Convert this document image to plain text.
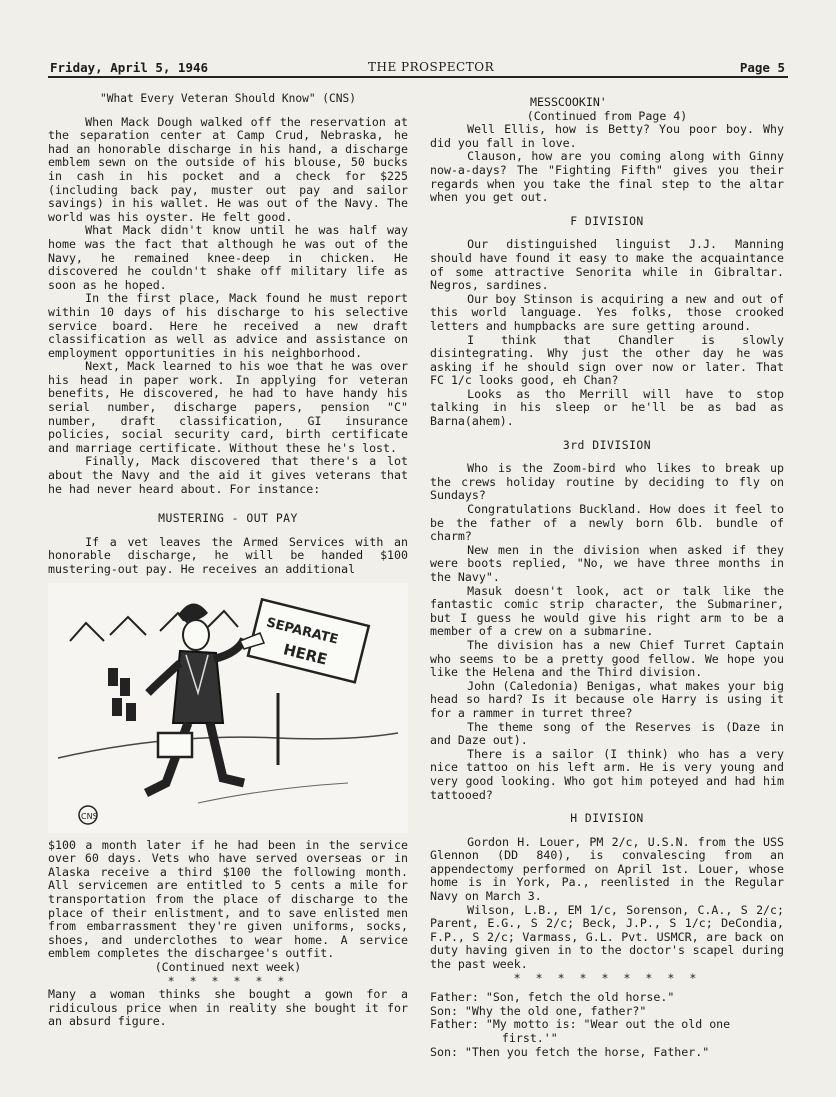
Friday, April 5, 1946	THE PROSPECTOR	Page 5
"What Every Veteran Should Know" (CNS)

When Mack Dough walked off the reservation at the separation center at Camp Crud, Nebraska, he had an honorable discharge in his hand, a discharge emblem sewn on the outside of his blouse, 50 bucks in cash in his pocket and a check for $225 (including back pay, muster out pay and sailor savings) in his wallet. He was out of the Navy. The world was his oyster. He felt good.

What Mack didn't know until he was half way home was the fact that although he was out of the Navy, he remained knee-deep in chicken. He discovered he couldn't shake off military life as soon as he hoped.

In the first place, Mack found he must report within 10 days of his discharge to his selective service board. Here he received a new draft classification as well as advice and assistance on employment opportunities in his neighborhood.

Next, Mack learned to his woe that he was over his head in paper work. In applying for veteran benefits, He discovered, he had to have handy his serial number, discharge papers, pension "C" number, draft classification, GI insurance policies, social security card, birth certificate and marriage certificate. Without these he's lost.

Finally, Mack discovered that there's a lot about the Navy and the aid it gives veterans that he had never heard about. For instance:

MUSTERING - OUT PAY

If a vet leaves the Armed Services with an honorable discharge, he will be handed $100 mustering-out pay. He receives an additional

SEPARATE
HERE
CNS

$100 a month later if he had been in the service over 60 days. Vets who have served overseas or in Alaska receive a third $100 the following month. All servicemen are entitled to 5 cents a mile for transportation from the place of discharge to the place of their enlistment, and to save enlisted men from embarrassment they're given uniforms, socks, shoes, and underclothes to wear home. A service emblem completes the dischargee's outfit.

(Continued next week)
* * * * * *

Many a woman thinks she bought a gown for a ridiculous price when in reality she bought it for an absurd figure.

MESSCOOKIN'
(Continued from Page 4)

Well Ellis, how is Betty? You poor boy. Why did you fall in love.

Clauson, how are you coming along with Ginny now-a-days? The "Fighting Fifth" gives you their regards when you take the final step to the altar when you get out.

F DIVISION

Our distinguished linguist J.J. Manning should have found it easy to make the acquaintance of some attractive Senorita while in Gibraltar. Negros, sardines.

Our boy Stinson is acquiring a new and out of this world language. Yes folks, those crooked letters and humpbacks are sure getting around.

I think that Chandler is slowly disintegrating. Why just the other day he was asking if he should sign over now or later. That FC 1/c looks good, eh Chan?

Looks as tho Merrill will have to stop talking in his sleep or he'll be as bad as Barna(ahem).

3rd DIVISION

Who is the Zoom-bird who likes to break up the crews holiday routine by deciding to fly on Sundays?

Congratulations Buckland. How does it feel to be the father of a newly born 6lb. bundle of charm?

New men in the division when asked if they were boots replied, "No, we have three months in the Navy".

Masuk doesn't look, act or talk like the fantastic comic strip character, the Submariner, but I guess he would give his right arm to be a member of a crew on a submarine.

The division has a new Chief Turret Captain who seems to be a pretty good fellow. We hope you like the Helena and the Third division.

John (Caledonia) Benigas, what makes your big head so hard? Is it because ole Harry is using it for a rammer in turret three?

The theme song of the Reserves is (Daze in and Daze out).

There is a sailor (I think) who has a very nice tattoo on his left arm. He is very young and very good looking. Who got him poteyed and had him tattooed?

H DIVISION

Gordon H. Louer, PM 2/c, U.S.N. from the USS Glennon (DD 840), is convalescing from an appendectomy performed on April 1st. Louer, whose home is in York, Pa., reenlisted in the Regular Navy on March 3.

Wilson, L.B., EM 1/c, Sorenson, C.A., S 2/c; Parent, E.G., S 2/c; Beck, J.P., S 1/c; DeCondia, F.P., S 2/c; Varmass, G.L. Pvt. USMCR, are back on duty having given in to the doctor's scapel during the past week.

* * * * * * * * *

Father: "Son, fetch the old horse."

Son: "Why the old one, father?"

Father: "My motto is: "Wear out the old one

first.'"

Son: "Then you fetch the horse, Father."
